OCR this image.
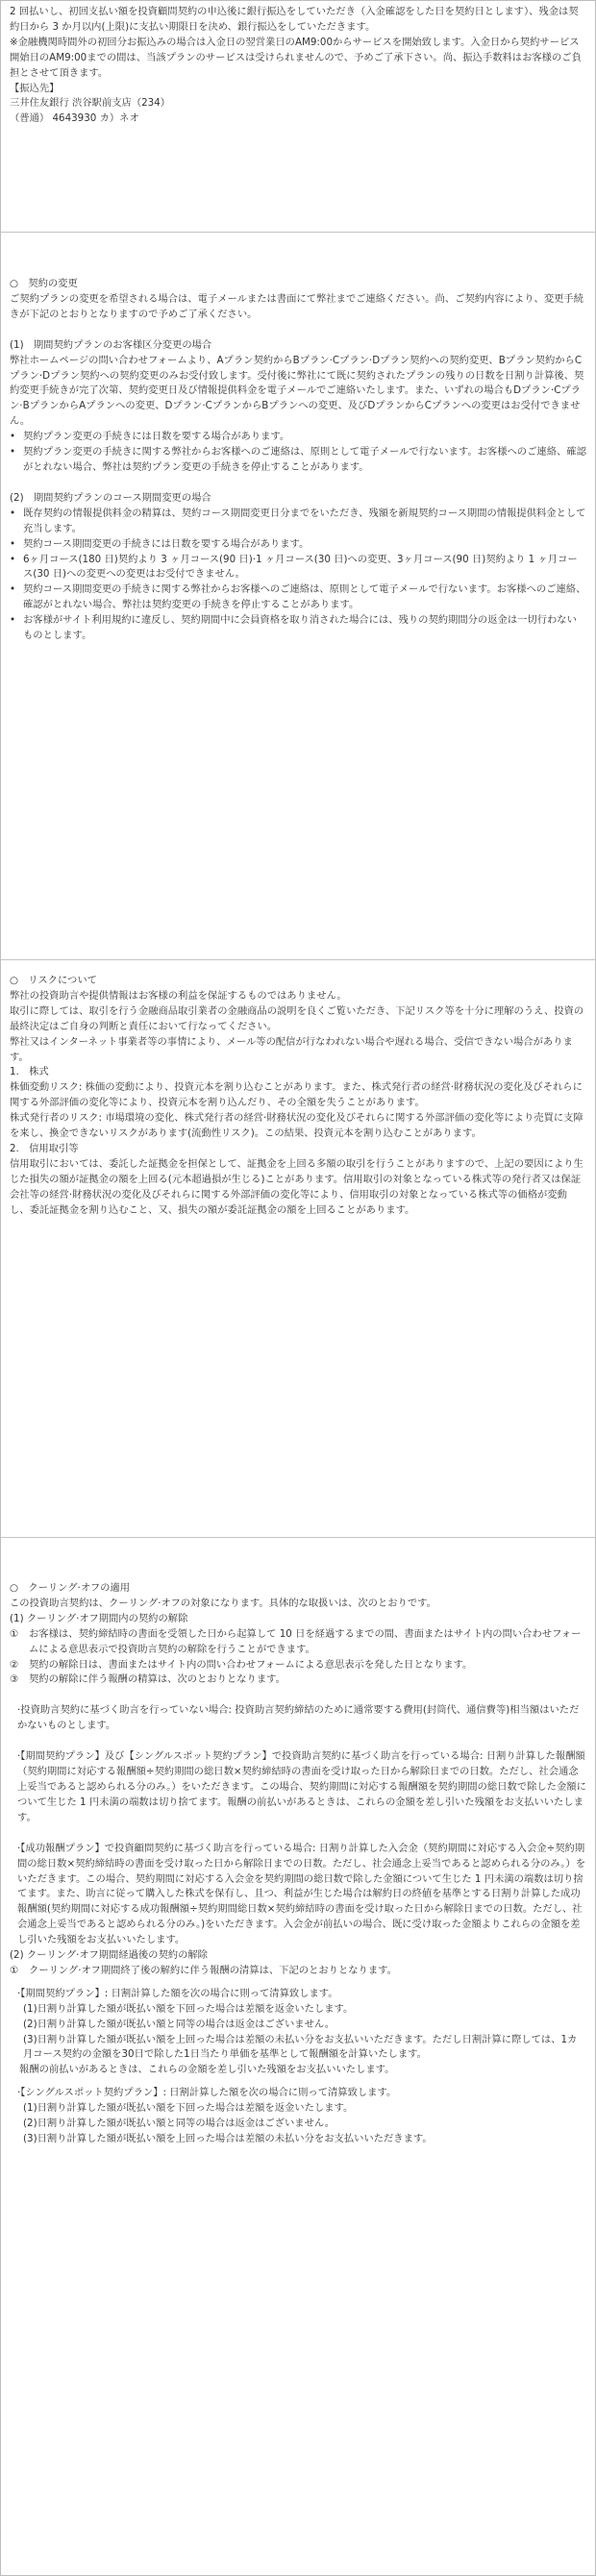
2 回払いし、初回支払い額を投資顧問契約の申込後に銀行振込をしていただき（入金確認をした日を契約日とします）、残金は契約日から 3 か月以内(上限)に支払い期限日を決め、銀行振込をしていただきます。
※金融機関時間外の初回分お振込みの場合は入金日の翌営業日のAM9:00からサービスを開始致します。入金日から契約サービス開始日のAM9:00までの間は、当該プランのサービスは受けられませんので、予めご了承下さい。尚、振込手数料はお客様のご負担とさせて頂きます。
【振込先】
三井住友銀行 渋谷駅前支店（234）
（普通） 4643930 カ）ネオ
○　契約の変更
ご契約プランの変更を希望される場合は、電子メールまたは書面にて弊社までご連絡ください。尚、ご契約内容により、変更手続きが下記のとおりとなりますので予めご了承ください。
(1)　期間契約プランのお客様区分変更の場合
弊社ホームページの問い合わせフォームより、Aプラン契約からBプラン·Cプラン·Dプラン契約への契約変更、Bプラン契約からCプラン·Dプラン契約への契約変更のみお受付致します。受付後に弊社にて既に契約されたプランの残りの日数を日割り計算後、契約変更手続きが完了次第、契約変更日及び情報提供料金を電子メールでご連絡いたします。また、いずれの場合もDプラン·Cプラン·BプランからAプランへの変更、Dプラン·CプランからBプランへの変更、及びDプランからCプランへの変更はお受付できません。
• 契約プラン変更の手続きには日数を要する場合があります。
• 契約プラン変更の手続きに関する弊社からお客様へのご連絡は、原則として電子メールで行ないます。お客様へのご連絡、確認がとれない場合、弊社は契約プラン変更の手続きを停止することがあります。
(2)　期間契約プランのコース期間変更の場合
• 既存契約の情報提供料金の精算は、契約コース期間変更日分までをいただき、残額を新規契約コース期間の情報提供料金として充当します。
• 契約コース期間変更の手続きには日数を要する場合があります。
• 6ヶ月コース(180 日)契約より 3 ヶ月コース(90 日)·1 ヶ月コース(30 日)への変更、3ヶ月コース(90 日)契約より 1 ヶ月コース(30 日)への変更への変更はお受付できません。
• 契約コース期間変更の手続きに関する弊社からお客様へのご連絡は、原則として電子メールで行ないます。お客様へのご連絡、確認がとれない場合、弊社は契約変更の手続きを停止することがあります。
• お客様がサイト利用規約に違反し、契約期間中に会員資格を取り消された場合には、残りの契約期間分の返金は一切行わないものとします。
○　リスクについて
弊社の投資助言や提供情報はお客様の利益を保証するものではありません。
取引に際しては、取引を行う金融商品取引業者の金融商品の説明を良くご覧いただき、下記リスク等を十分に理解のうえ、投資の最終決定はご自身の判断と責任において行なってください。
弊社又はインターネット事業者等の事情により、メール等の配信が行なわれない場合や遅れる場合、受信できない場合があります。
1.　株式
株価変動リスク: 株価の変動により、投資元本を割り込むことがあります。また、株式発行者の経営·財務状況の変化及びそれらに関する外部評価の変化等により、投資元本を割り込んだり、その全額を失うことがあります。
株式発行者のリスク: 市場環境の変化、株式発行者の経営·財務状況の変化及びそれらに関する外部評価の変化等により売買に支障を来し、換金できないリスクがあります(流動性リスク)。この結果、投資元本を割り込むことがあります。
2.　信用取引等
信用取引においては、委託した証拠金を担保として、証拠金を上回る多額の取引を行うことがありますので、上記の要因により生じた損失の額が証拠金の額を上回る(元本超過損が生じる)ことがあります。信用取引の対象となっている株式等の発行者又は保証会社等の経営·財務状況の変化及びそれらに関する外部評価の変化等により、信用取引の対象となっている株式等の価格が変動し、委託証拠金を割り込むこと、又、損失の額が委託証拠金の額を上回ることがあります。
○　クーリング·オフの適用
この投資助言契約は、クーリング·オフの対象になります。具体的な取扱いは、次のとおりです。
(1) クーリング·オフ期間内の契約の解除
①	お客様は、契約締結時の書面を受領した日から起算して 10 日を経過するまでの間、書面またはサイト内の問い合わせフォームによる意思表示で投資助言契約の解除を行うことができます。
②	契約の解除日は、書面またはサイト内の問い合わせフォームによる意思表示を発した日となります。
③	契約の解除に伴う報酬の精算は、次のとおりとなります。
·投資助言契約に基づく助言を行っていない場合: 投資助言契約締結のために通常要する費用(封筒代、通信費等)相当額はいただかないものとします。
·【期間契約プラン】及び【シングルスポット契約プラン】で投資助言契約に基づく助言を行っている場合: 日割り計算した報酬額（契約期間に対応する報酬額÷契約期間の総日数×契約締結時の書面を受け取った日から解除日までの日数。ただし、社会通念上妥当であると認められる分のみ。）をいただきます。この場合、契約期間に対応する報酬額を契約期間の総日数で除した金額について生じた 1 円未満の端数は切り捨てます。報酬の前払いがあるときは、これらの金額を差し引いた残額をお支払いいたします。
·【成功報酬プラン】で投資顧問契約に基づく助言を行っている場合: 日割り計算した入会金（契約期間に対応する入会金÷契約期間の総日数×契約締結時の書面を受け取った日から解除日までの日数。ただし、社会通念上妥当であると認められる分のみ。）をいただきます。この場合、契約期間に対応する入会金を契約期間の総日数で除した金額について生じた 1 円未満の端数は切り捨てます。また、助言に従って購入した株式を保有し、且つ、利益が生じた場合は解約日の終値を基準とする日割り計算した成功報酬額(契約期間に対応する成功報酬額÷契約期間総日数×契約締結時の書面を受け取った日から解除日までの日数。ただし、社会通念上妥当であると認められる分のみ。)をいただきます。入会金が前払いの場合、既に受け取った金額よりこれらの金額を差し引いた残額をお支払いいたします。
(2) クーリング·オフ期間経過後の契約の解除
①	クーリング·オフ期間終了後の解約に伴う報酬の清算は、下記のとおりとなります。
·【期間契約プラン】: 日割計算した額を次の場合に則って清算致します。
(1)日割り計算した額が既払い額を下回った場合は差額を返金いたします。
(2)日割り計算した額が既払い額と同等の場合は返金はございません。
(3)日割り計算した額が既払い額を上回った場合は差額の未払い分をお支払いいただきます。ただし日割計算に際しては、1カ月コース契約の金額を30日で除した1日当たり単価を基準として報酬額を計算いたします。
報酬の前払いがあるときは、これらの金額を差し引いた残額をお支払いいたします。
·【シングルスポット契約プラン】: 日割計算した額を次の場合に則って清算致します。
(1)日割り計算した額が既払い額を下回った場合は差額を返金いたします。
(2)日割り計算した額が既払い額と同等の場合は返金はございません。
(3)日割り計算した額が既払い額を上回った場合は差額の未払い分をお支払いいただきます。
